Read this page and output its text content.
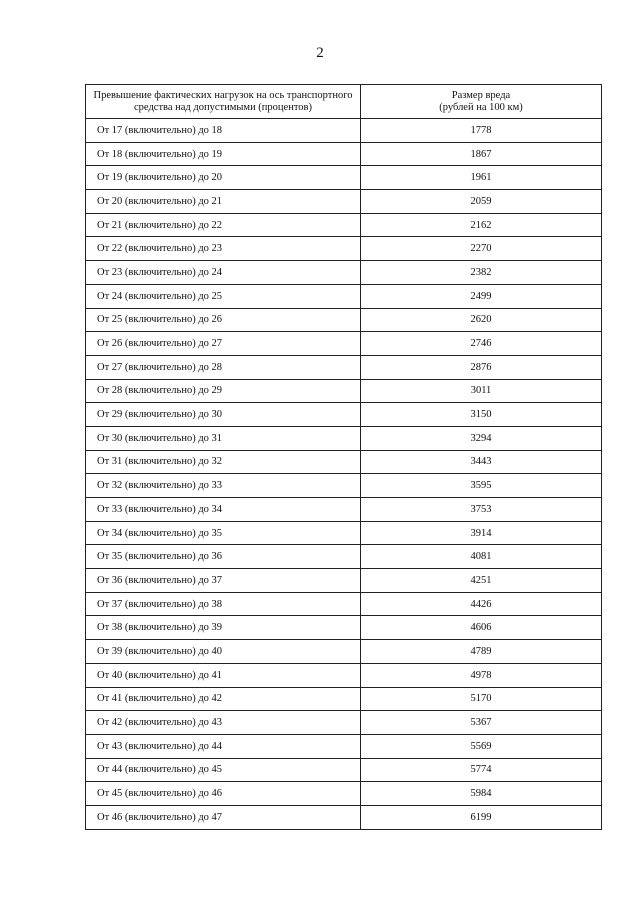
2
Превышение фактических нагрузок на ось транспортного
средства над допустимыми (процентов)	Размер вреда
(рублей на 100 км)

От 17 (включительно) до 18	1778
От 18 (включительно) до 19	1867
От 19 (включительно) до 20	1961
От 20 (включительно) до 21	2059
От 21 (включительно) до 22	2162
От 22 (включительно) до 23	2270
От 23 (включительно) до 24	2382
От 24 (включительно) до 25	2499
От 25 (включительно) до 26	2620
От 26 (включительно) до 27	2746
От 27 (включительно) до 28	2876
От 28 (включительно) до 29	3011
От 29 (включительно) до 30	3150
От 30 (включительно) до 31	3294
От 31 (включительно) до 32	3443
От 32 (включительно) до 33	3595
От 33 (включительно) до 34	3753
От 34 (включительно) до 35	3914
От 35 (включительно) до 36	4081
От 36 (включительно) до 37	4251
От 37 (включительно) до 38	4426
От 38 (включительно) до 39	4606
От 39 (включительно) до 40	4789
От 40 (включительно) до 41	4978
От 41 (включительно) до 42	5170
От 42 (включительно) до 43	5367
От 43 (включительно) до 44	5569
От 44 (включительно) до 45	5774
От 45 (включительно) до 46	5984
От 46 (включительно) до 47	6199
